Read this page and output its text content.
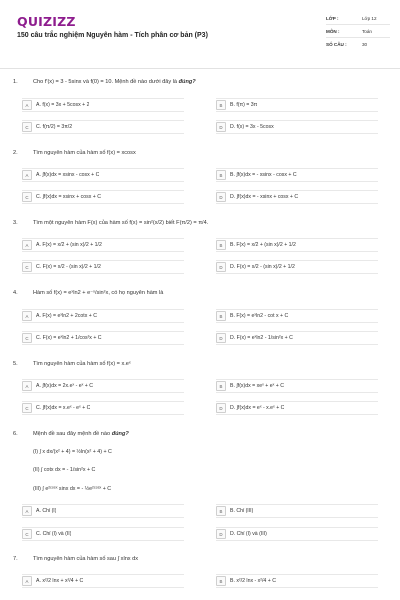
QUIZIZZ
150 câu trắc nghiệm Nguyên hàm - Tích phân cơ bản (P3)
LỚP :	Lớp 12
MÔN :	Toán
SỐ CÂU :	30
1.	Cho f'(x) = 3 - 5sinx và f(0) = 10. Mệnh đề nào dưới đây là đúng?
A	A. f(x) = 3x + 5cosx + 2	B	B. f(π) = 3π
C	C. f(π/2) = 3π/2	D	D. f(x) = 3x - 5cosx
2.	Tìm nguyên hàm của hàm số f(x) = xcosx
A	A. ∫f(x)dx = xsinx - cosx + C	B	B. ∫f(x)dx = - xsinx - cosx + C
C	C. ∫f(x)dx = xsinx + cosx + C	D	D. ∫f(x)dx = - xsinx + cosx + C
3.	Tìm một nguyên hàm F(x) của hàm số f(x) = sin²(x/2) biết F(π/2) = π/4.
A	A. F(x) = x/2 + (sin x)/2 + 1/2	B	B. F(x) = x/2 + (sin x)/2 + 1/2
C	C. F(x) = x/2 - (sin x)/2 + 1/2	D	D. F(x) = x/2 - (sin x)/2 + 1/2
4.	Hàm số f(x) = eˣln2 + e⁻ˣ/sin²x, có họ nguyên hàm là
A	A. F(x) = eˣln2 + 2cotx + C	B	B. F(x) = eˣln2 - cot x + C
C	C. F(x) = eˣln2 + 1/cos²x + C	D	D. F(x) = eˣln2 - 1/sin²x + C
5.	Tìm nguyên hàm của hàm số f(x) = x.eˣ
A	A. ∫f(x)dx = 2x.eˣ - eˣ + C	B	B. ∫f(x)dx = xeˣ + eˣ + C
C	C. ∫f(x)dx = x.eˣ - eˣ + C	D	D. ∫f(x)dx = eˣ - x.eˣ + C
6.	Mệnh đề sau đây mệnh đề nào đúng?
(I) ∫ x dx/(x² + 4) = ½ln(x² + 4) + C
(II) ∫ cotx dx = - 1/sin²x + C
(III) ∫ e²ᶜᵒˢˣ sinx dx = - ½e²ᶜᵒˢˣ + C
A	A. Chỉ (I)	B	B. Chỉ (III)
C	C. Chỉ (I) và (II)	D	D. Chỉ (I) và (III)
7.	Tìm nguyên hàm của hàm số sau ∫ xlnx dx
A	A. x²/2 lnx + x²/4 + C	B	B. x²/2 lnx - x²/4 + C
